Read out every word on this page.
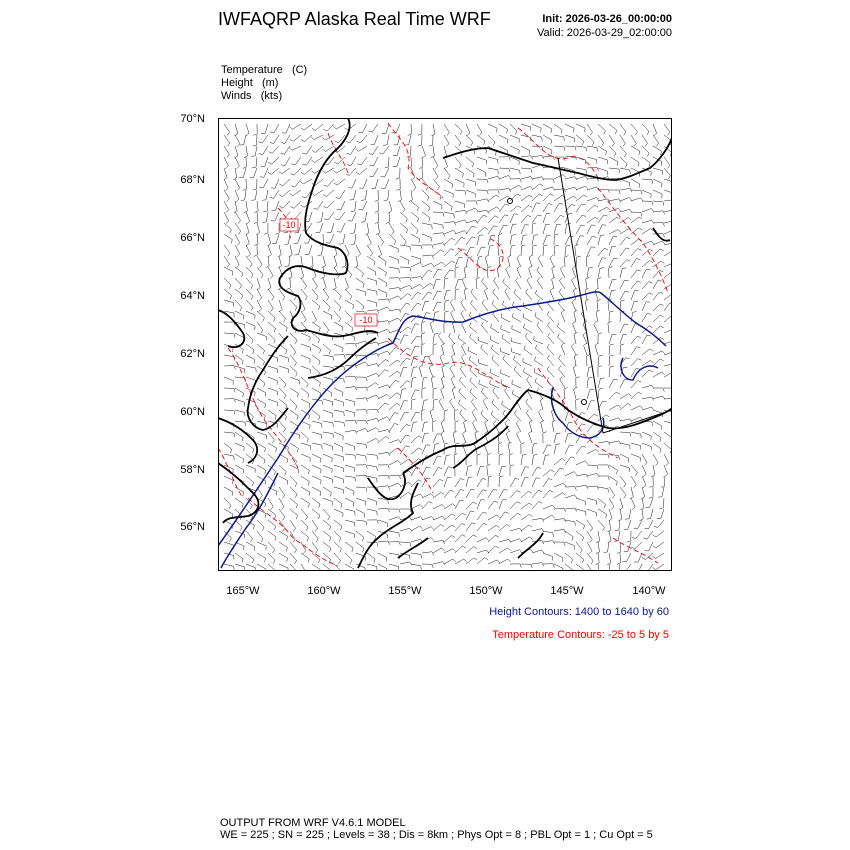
IWFAQRP Alaska Real Time WRF	Init: 2026-03-26_00:00:00
Valid: 2026-03-29_02:00:00
Temperature (C)
Height (m)
Winds (kts)
70°N
68°N
66°N
64°N
62°N
60°N
58°N
56°N
165°W	160°W	155°W	150°W	145°W	140°W
-10
-10
Height Contours: 1400 to 1640 by 60
Temperature Contours: -25 to 5 by 5
OUTPUT FROM WRF V4.6.1 MODEL
WE = 225 ; SN = 225 ; Levels = 38 ; Dis = 8km ; Phys Opt = 8 ; PBL Opt = 1 ; Cu Opt = 5
